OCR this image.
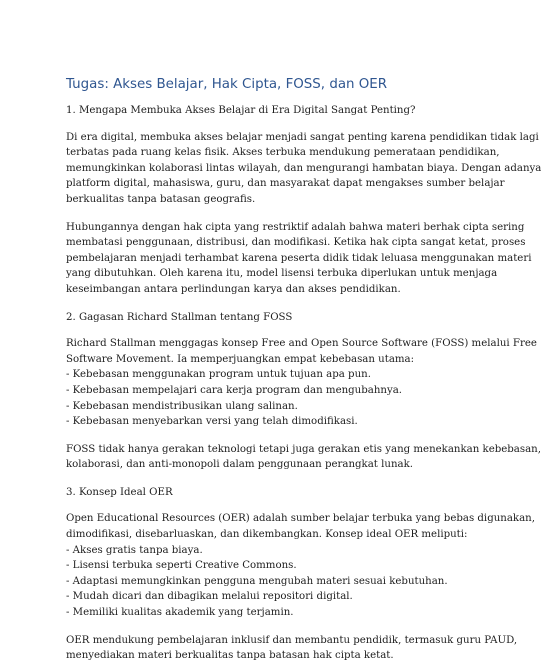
Tugas: Akses Belajar, Hak Cipta, FOSS, dan OER
1. Mengapa Membuka Akses Belajar di Era Digital Sangat Penting?
Di era digital, membuka akses belajar menjadi sangat penting karena pendidikan tidak lagi
terbatas pada ruang kelas fisik. Akses terbuka mendukung pemerataan pendidikan,
memungkinkan kolaborasi lintas wilayah, dan mengurangi hambatan biaya. Dengan adanya
platform digital, mahasiswa, guru, dan masyarakat dapat mengakses sumber belajar
berkualitas tanpa batasan geografis.
Hubungannya dengan hak cipta yang restriktif adalah bahwa materi berhak cipta sering
membatasi penggunaan, distribusi, dan modifikasi. Ketika hak cipta sangat ketat, proses
pembelajaran menjadi terhambat karena peserta didik tidak leluasa menggunakan materi
yang dibutuhkan. Oleh karena itu, model lisensi terbuka diperlukan untuk menjaga
keseimbangan antara perlindungan karya dan akses pendidikan.
2. Gagasan Richard Stallman tentang FOSS
Richard Stallman menggagas konsep Free and Open Source Software (FOSS) melalui Free
Software Movement. Ia memperjuangkan empat kebebasan utama:
- Kebebasan menggunakan program untuk tujuan apa pun.
- Kebebasan mempelajari cara kerja program dan mengubahnya.
- Kebebasan mendistribusikan ulang salinan.
- Kebebasan menyebarkan versi yang telah dimodifikasi.
FOSS tidak hanya gerakan teknologi tetapi juga gerakan etis yang menekankan kebebasan,
kolaborasi, dan anti-monopoli dalam penggunaan perangkat lunak.
3. Konsep Ideal OER
Open Educational Resources (OER) adalah sumber belajar terbuka yang bebas digunakan,
dimodifikasi, disebarluaskan, dan dikembangkan. Konsep ideal OER meliputi:
- Akses gratis tanpa biaya.
- Lisensi terbuka seperti Creative Commons.
- Adaptasi memungkinkan pengguna mengubah materi sesuai kebutuhan.
- Mudah dicari dan dibagikan melalui repositori digital.
- Memiliki kualitas akademik yang terjamin.
OER mendukung pembelajaran inklusif dan membantu pendidik, termasuk guru PAUD,
menyediakan materi berkualitas tanpa batasan hak cipta ketat.
